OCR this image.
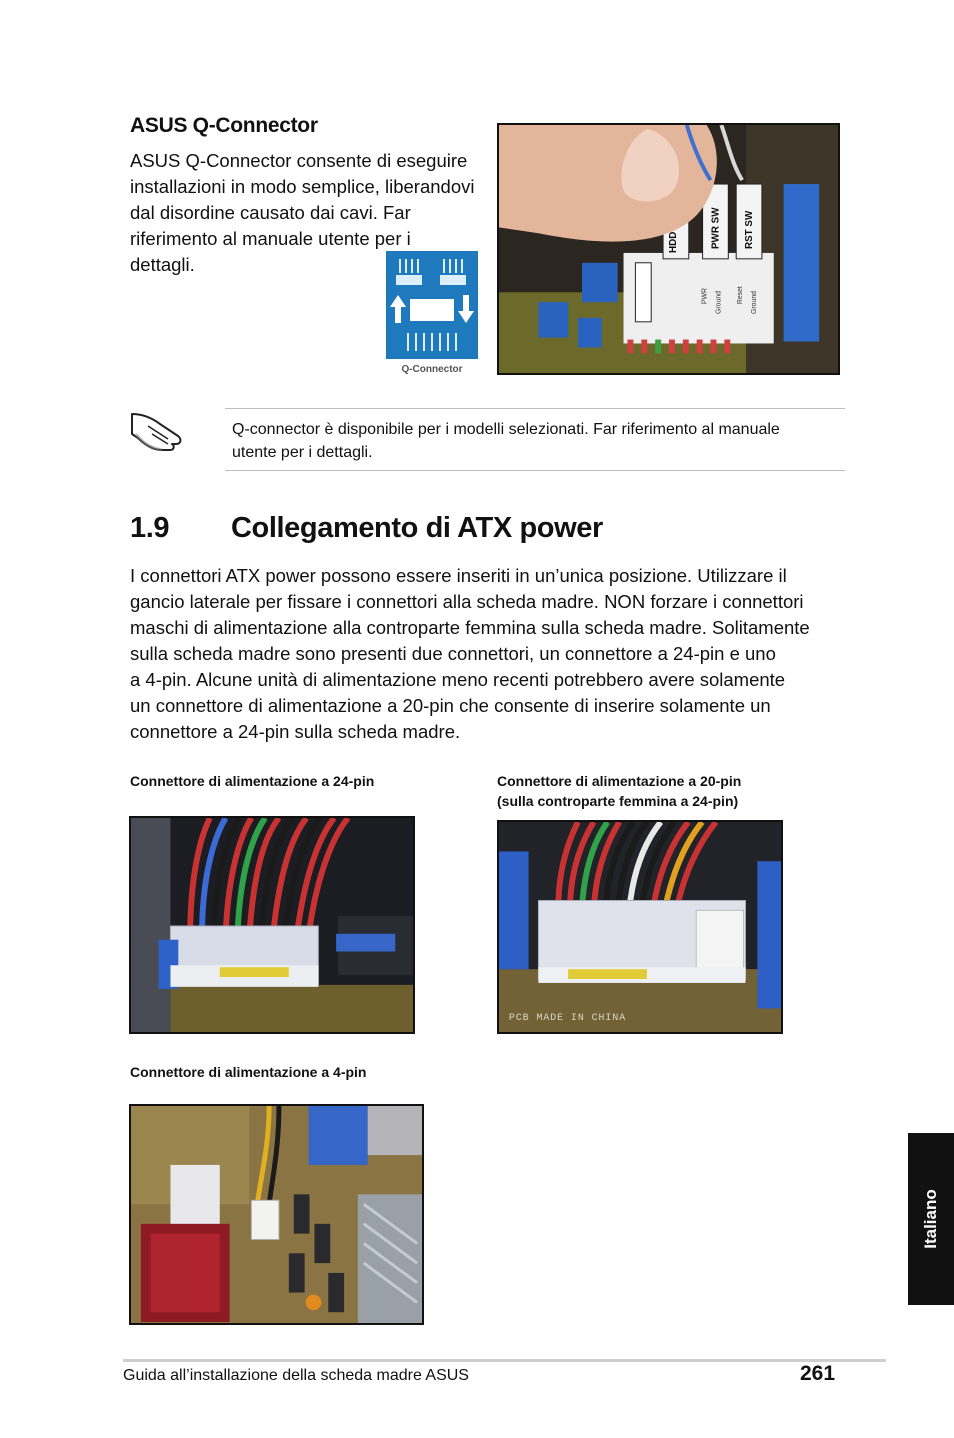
ASUS Q-Connector
ASUS Q-Connector consente di eseguire
installazioni in modo semplice, liberandovi
dal disordine causato dai cavi. Far
riferimento al manuale utente per i
dettagli.
Q-Connector
HDD	PWR SW RST SW
PWR Ground Reset Ground
Q-connector è disponibile per i modelli selezionati. Far riferimento al manuale
utente per i dettagli.
1.9 Collegamento di ATX power
I connettori ATX power possono essere inseriti in un’unica posizione. Utilizzare il
gancio laterale per fissare i connettori alla scheda madre. NON forzare i connettori
maschi di alimentazione alla controparte femmina sulla scheda madre. Solitamente
sulla scheda madre sono presenti due connettori, un connettore a 24-pin e uno
a 4-pin. Alcune unità di alimentazione meno recenti potrebbero avere solamente
un connettore di alimentazione a 20-pin che consente di inserire solamente un
connettore a 24-pin sulla scheda madre.
Connettore di alimentazione a 24-pin	Connettore di alimentazione a 20-pin
(sulla controparte femmina a 24-pin)
PCB MADE IN CHINA
Connettore di alimentazione a 4-pin
Italiano
Guida all’installazione della scheda madre ASUS	261
